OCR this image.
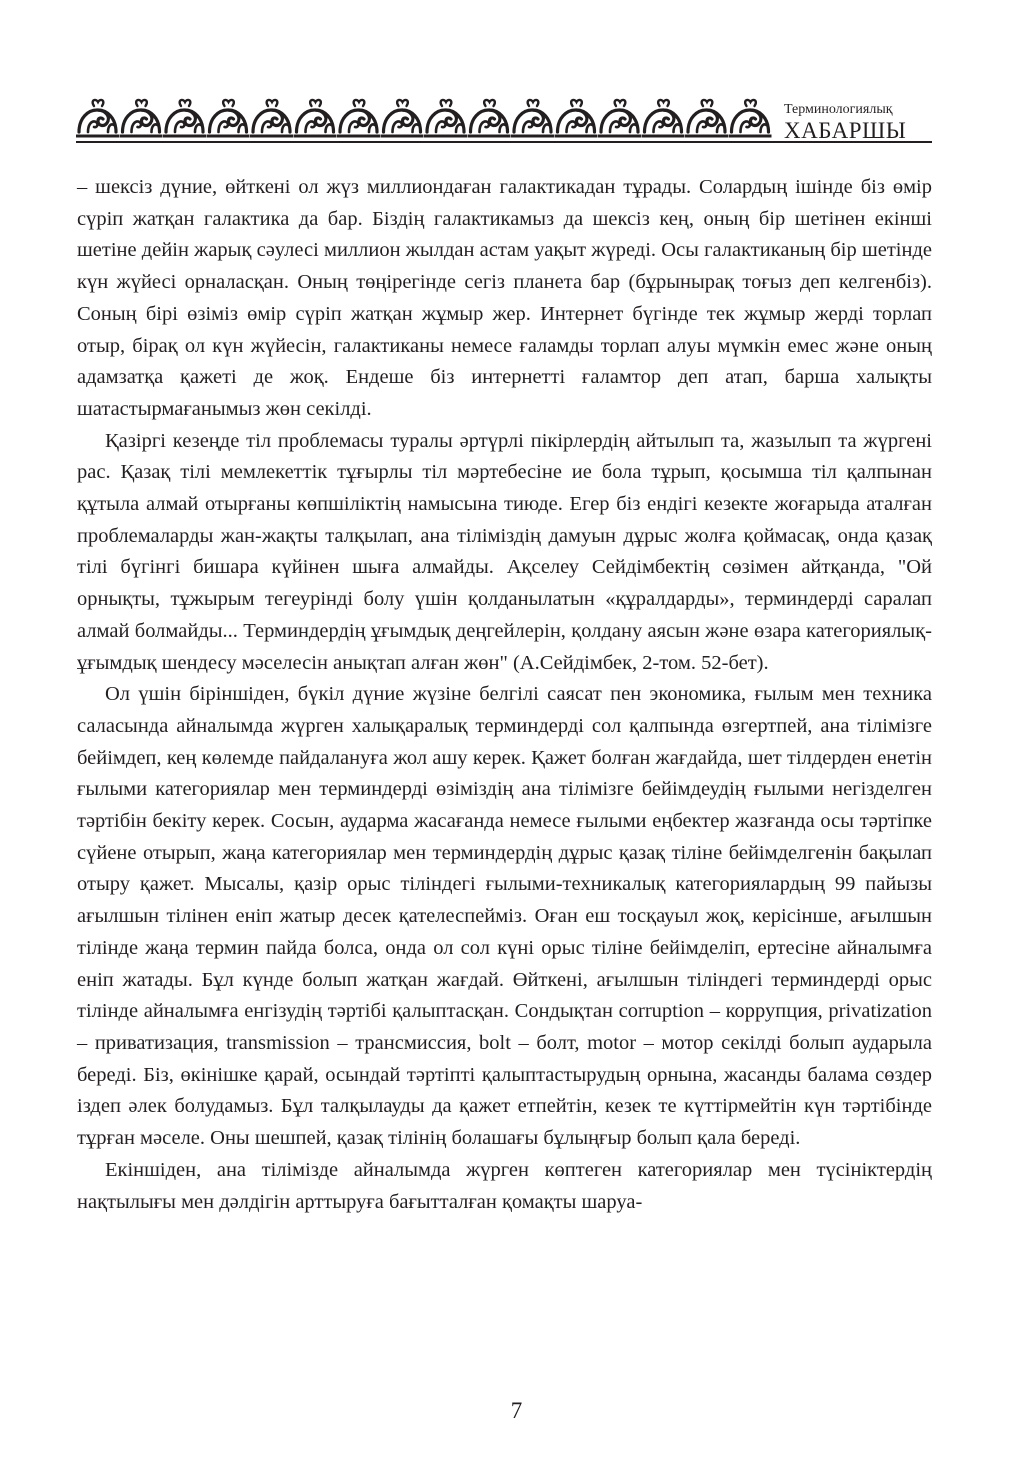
Терминологиялық
ХАБАРШЫ

– шексіз дүние, өйткені ол жүз миллиондаған галактикадан тұрады. Солардың ішінде біз өмір сүріп жатқан галактика да бар. Біздің галактикамыз да шексіз кең, оның бір шетінен екінші шетіне дейін жарық сәулесі миллион жылдан астам уақыт жүреді. Осы галактиканың бір шетінде күн жүйесі орналасқан. Оның төңірегінде сегіз планета бар (бұрынырақ тоғыз деп келгенбіз). Соның бірі өзіміз өмір сүріп жатқан жұмыр жер. Интернет бүгінде тек жұмыр жерді торлап отыр, бірақ ол күн жүйесін, галактиканы немесе ғаламды торлап алуы мүмкін емес және оның адамзатқа қажеті де жоқ. Ендеше біз интернетті ғаламтор деп атап, барша халықты шатастырмағанымыз жөн секілді.

Қазіргі кезеңде тіл проблемасы туралы әртүрлі пікірлердің айтылып та, жазылып та жүргені рас. Қазақ тілі мемлекеттік тұғырлы тіл мәртебесіне ие бола тұрып, қосымша тіл қалпынан құтыла алмай отырғаны көпшіліктің намысына тиюде. Егер біз ендігі кезекте жоғарыда аталған проблемаларды жан-жақты талқылап, ана тіліміздің дамуын дұрыс жолға қоймасақ, онда қазақ тілі бүгінгі бишара күйінен шыға алмайды. Ақселеу Сейдімбектің сөзімен айтқанда, "Ой орнықты, тұжырым тегеурінді болу үшін қолданылатын «құралдарды», терминдерді саралап алмай болмайды... Терминдердің ұғымдық деңгейлерін, қолдану аясын және өзара категориялық-ұғымдық шендесу мәселесін анықтап алған жөн" (А.Сейдімбек, 2-том. 52-бет).

Ол үшін біріншіден, бүкіл дүние жүзіне белгілі саясат пен экономика, ғылым мен техника саласында айналымда жүрген халықаралық терминдерді сол қалпында өзгертпей, ана тілімізге бейімдеп, кең көлемде пайдалануға жол ашу керек. Қажет болған жағдайда, шет тілдерден енетін ғылыми категориялар мен терминдерді өзіміздің ана тілімізге бейімдеудің ғылыми негізделген тәртібін бекіту керек. Сосын, аударма жасағанда немесе ғылыми еңбектер жазғанда осы тәртіпке сүйене отырып, жаңа категориялар мен терминдердің дұрыс қазақ тіліне бейімделгенін бақылап отыру қажет. Мысалы, қазір орыс тіліндегі ғылыми-техникалық категориялардың 99 пайызы ағылшын тілінен еніп жатыр десек қателеспейміз. Оған еш тосқауыл жоқ, керісінше, ағылшын тілінде жаңа термин пайда болса, онда ол сол күні орыс тіліне бейімделіп, ертесіне айналымға еніп жатады. Бұл күнде болып жатқан жағдай. Өйткені, ағылшын тіліндегі терминдерді орыс тілінде айналымға енгізудің тәртібі қалыптасқан. Сондықтан corruption – коррупция, privatization – приватизация, transmission – трансмиссия, bolt – болт, motor – мотор секілді болып аударыла береді. Біз, өкінішке қарай, осындай тәртіпті қалыптастырудың орнына, жасанды балама сөздер іздеп әлек болудамыз. Бұл талқылауды да қажет етпейтін, кезек те күттірмейтін күн тәртібінде тұрған мәселе. Оны шешпей, қазақ тілінің болашағы бұлыңғыр болып қала береді.

Екіншіден, ана тілімізде айналымда жүрген көптеген категориялар мен түсініктердің нақтылығы мен дәлдігін арттыруға бағытталған қомақты шаруа-

7
